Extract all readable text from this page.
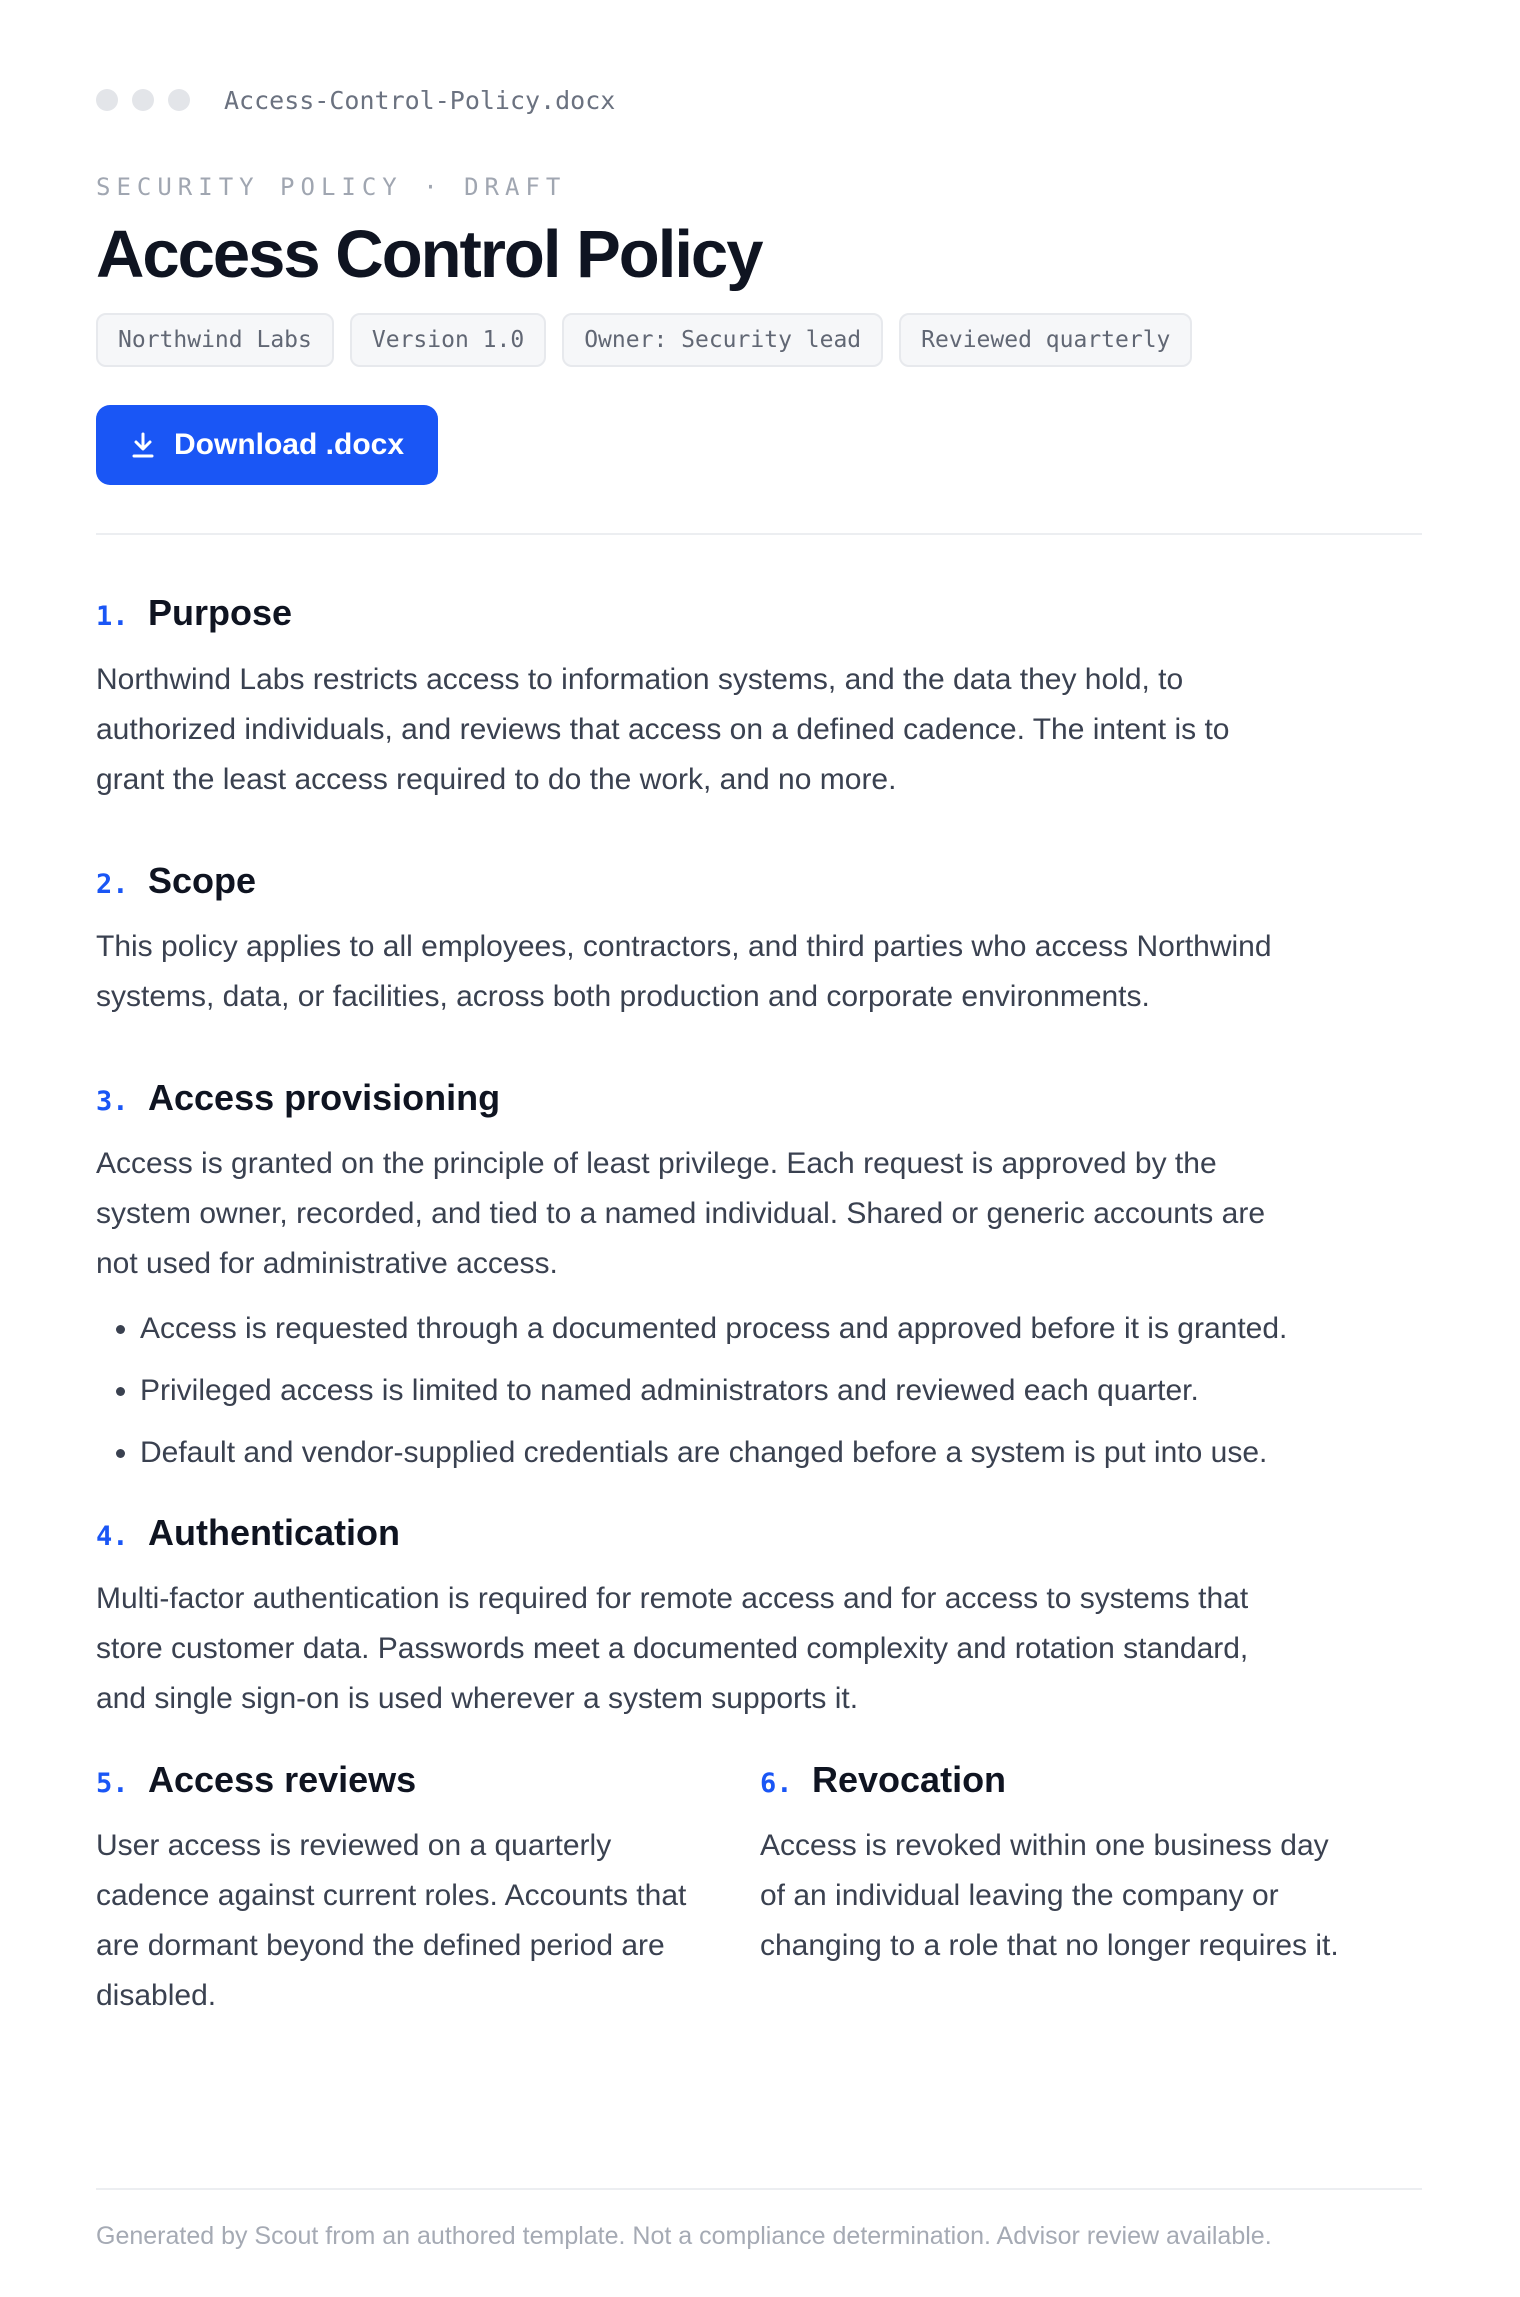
Access-Control-Policy.docx
SECURITY POLICY · DRAFT
Access Control Policy
Northwind Labs	Version 1.0	Owner: Security lead	Reviewed quarterly
Download .docx
1. Purpose

Northwind Labs restricts access to information systems, and the data they hold, to authorized individuals, and reviews that access on a defined cadence. The intent is to grant the least access required to do the work, and no more.

2. Scope

This policy applies to all employees, contractors, and third parties who access Northwind systems, data, or facilities, across both production and corporate environments.

3. Access provisioning

Access is granted on the principle of least privilege. Each request is approved by the system owner, recorded, and tied to a named individual. Shared or generic accounts are not used for administrative access.

• Access is requested through a documented process and approved before it is granted.
• Privileged access is limited to named administrators and reviewed each quarter.
• Default and vendor-supplied credentials are changed before a system is put into use.
4. Authentication

Multi-factor authentication is required for remote access and for access to systems that store customer data. Passwords meet a documented complexity and rotation standard, and single sign-on is used wherever a system supports it.

5. Access reviews

User access is reviewed on a quarterly cadence against current roles. Accounts that are dormant beyond the defined period are disabled.

6. Revocation

Access is revoked within one business day of an individual leaving the company or changing to a role that no longer requires it.

Generated by Scout from an authored template. Not a compliance determination. Advisor review available.
